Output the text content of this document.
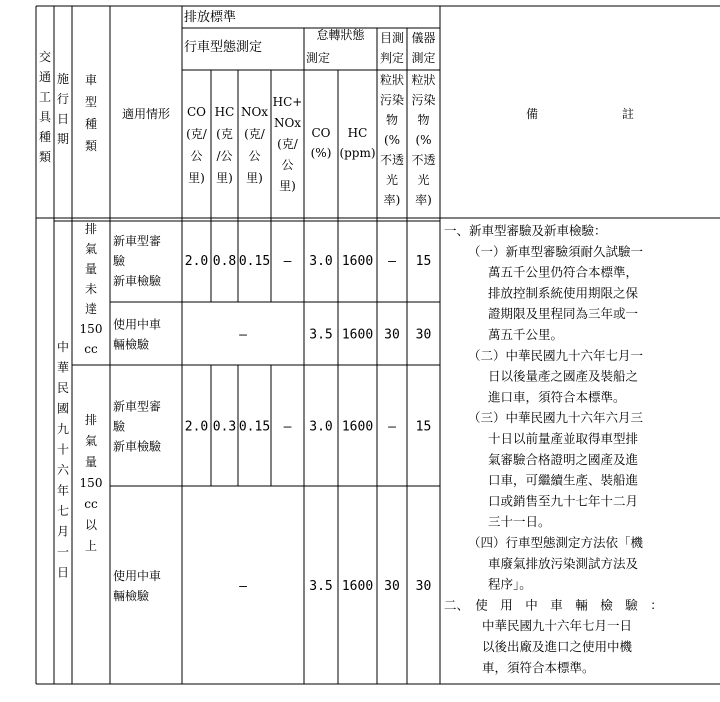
排放標準
行車型態測定
怠轉狀態
測定
目測
判定
儀器
測定
交
通
工
具
種
類
施
行
日
期
車
型
種
類
適用情形 CO
(克/
公
里)
HC
(克
/公
里)
NOx
(克/
公
里)
HC+
NOx
(克/
公
里)
CO
(%)
HC
(ppm)
粒狀
污染
物
(%
不透
光
率)
粒狀
污染
物
(%
不透
光
率)
備　　　　　　　註
中
華
民
國
九
十
六
年
七
月
一
日
排
氣
量
未
達
150
cc
新車型審
驗
新車檢驗
2.0 0.8 0.15 — 3.0 1600 — 15
使用中車
輛檢驗
—	3.5 1600 30 30
排
氣
量
150
cc
以
上
新車型審
驗
新車檢驗
2.0 0.3 0.15 — 3.0 1600 — 15
使用中車
輛檢驗
—	3.5 1600 30 30
一、新車型審驗及新車檢驗：
（一）新車型審驗須耐久試驗一
萬五千公里仍符合本標準，
排放控制系統使用期限之保
證期限及里程同為三年或一
萬五千公里。
（二）中華民國九十六年七月一
日以後量產之國產及裝船之
進口車，須符合本標準。
（三）中華民國九十六年六月三
十日以前量產並取得車型排
氣審驗合格證明之國產及進
口車，可繼續生產、裝船進
口或銷售至九十七年十二月
三十一日。
（四）行車型態測定方法依「機
車廢氣排放污染測試方法及
程序」。
二、　使　用　中　車　輛　檢　驗　：
中華民國九十六年七月一日
以後出廠及進口之使用中機
車，須符合本標準。
